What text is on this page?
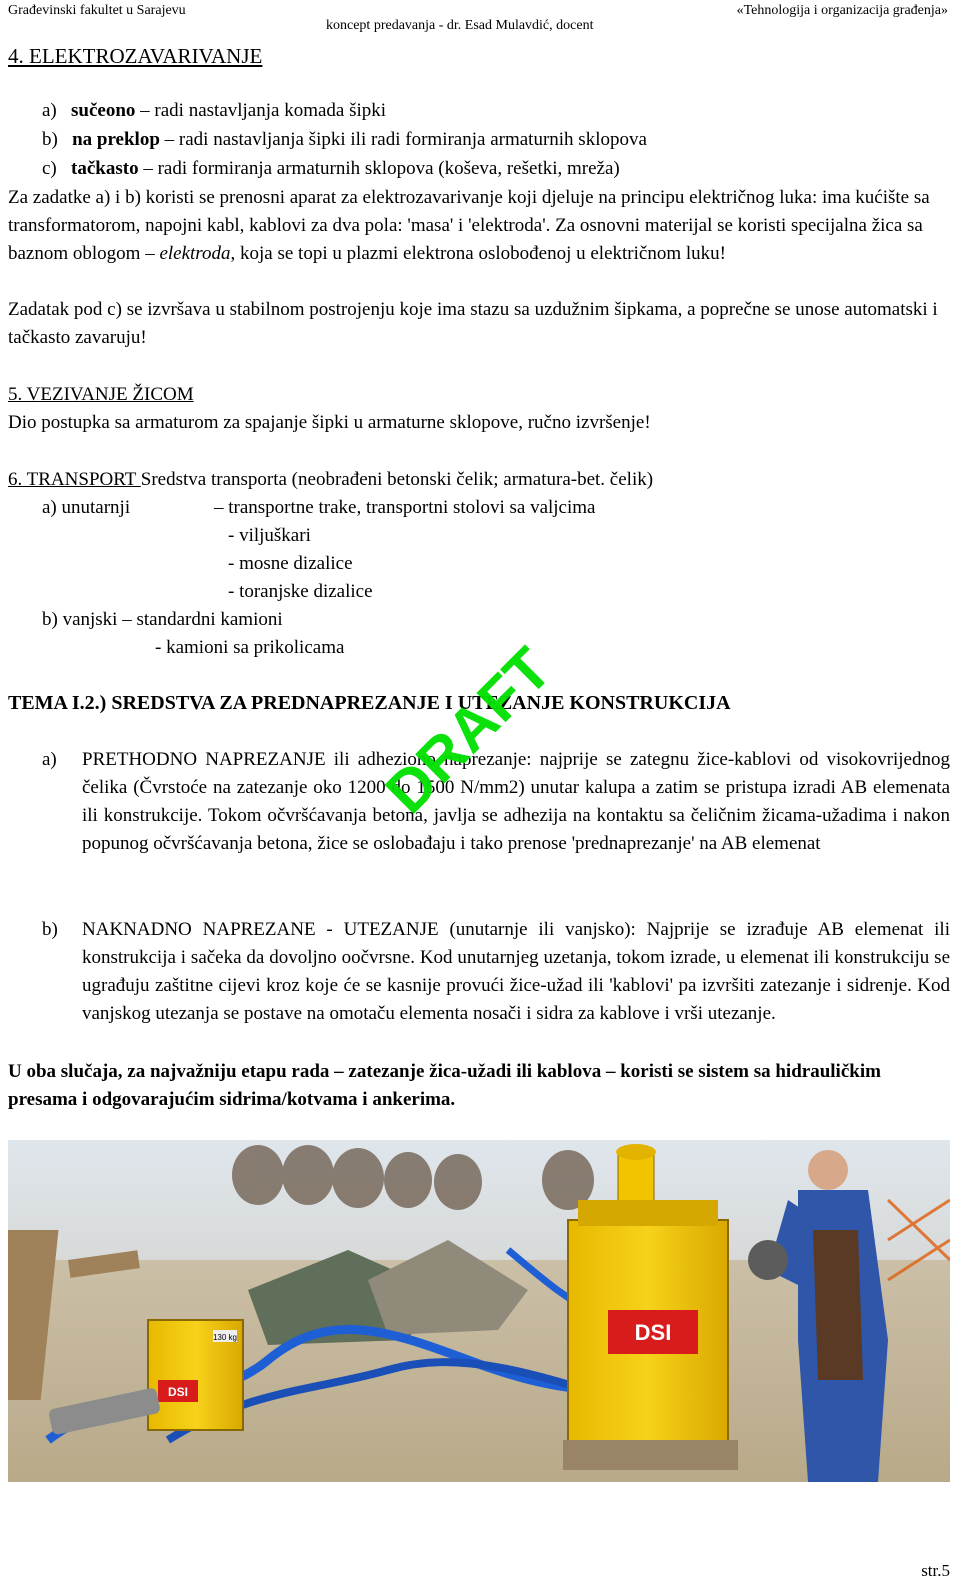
Građevinski fakultet u Sarajevu
koncept predavanja - dr. Esad Mulavdić, docent
«Tehnologija i organizacija građenja»
4. ELEKTROZAVARIVANJE
a) sučeono – radi nastavljanja komada šipki
b) na preklop – radi nastavljanja šipki ili radi formiranja armaturnih sklopova
c) tačkasto – radi formiranja armaturnih sklopova (koševa, rešetki, mreža)
Za zadatke a) i b) koristi se prenosni aparat za elektrozavarivanje koji djeluje na principu električnog luka: ima kućište sa transformatorom, napojni kabl, kablovi za dva pola: 'masa' i 'elektroda'. Za osnovni materijal se koristi specijalna žica sa baznom oblogom – elektroda, koja se topi u plazmi elektrona oslobođenoj u električnom luku!
Zadatak pod c) se izvršava u stabilnom postrojenju koje ima stazu sa uzdužnim šipkama, a poprečne se unose automatski i tačkasto zavaruju!
5. VEZIVANJE ŽICOM
Dio postupka sa armaturom za spajanje šipki u armaturne sklopove, ručno izvršenje!
6. TRANSPORT Sredstva transporta (neobrađeni betonski čelik; armatura-bet. čelik)
a) unutarnji	– transportne trake, transportni stolovi sa valjcima
- viljuškari
- mosne dizalice
- toranjske dizalice
b) vanjski – standardni kamioni
- kamioni sa prikolicama
TEMA I.2.) SREDSTVA ZA PREDNAPREZANJE I UTEZANJE KONSTRUKCIJA
a) PRETHODNO NAPREZANJE ili adheziono naprezanje: najprije se zategnu žice-kablovi od visokovrijednog čelika (Čvrstoće na zatezanje oko 1200 do 1500 N/mm2) unutar kalupa a zatim se pristupa izradi AB elemenata ili konstrukcije. Tokom očvršćavanja betona, javlja se adhezija na kontaktu sa čeličnim žicama-užadima i nakon popunog očvršćavanja betona, žice se oslobađaju i tako prenose 'prednaprezanje' na AB elemenat
b) NAKNADNO NAPREZANE - UTEZANJE (unutarnje ili vanjsko): Najprije se izrađuje AB elemenat ili konstrukcija i sačeka da dovoljno oočvrsne. Kod unutarnjeg uzetanja, tokom izrade, u elemenat ili konstrukciju se ugrađuju zaštitne cijevi kroz koje će se kasnije provući žice-užad ili 'kablovi' pa izvršiti zatezanje i sidrenje. Kod vanjskog utezanja se postave na omotaču elementa nosači i sidra za kablove i vrši utezanje.
U oba slučaja, za najvažniju etapu rada – zatezanje žica-užadi ili kablova – koristi se sistem sa hidrauličkim presama i odgovarajućim sidrima/kotvama i ankerima.
DRAFT
DSI
130 kg	DSI
str.5
